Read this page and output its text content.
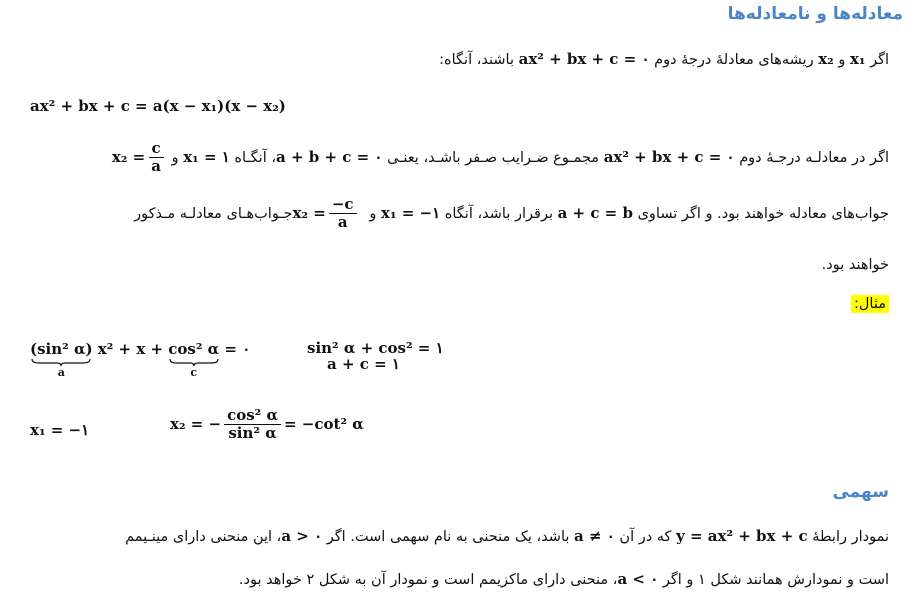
معادله‌ها و نامعادله‌ها
اگر x₁ و x₂ ریشه‌های معادلهٔ درجهٔ دوم ax² + bx + c = ٠ باشند، آنگاه:
ax² + bx + c = a(x − x₁)(x − x₂)
اگر در معادلـه درجـهٔ دوم ax² + bx + c = ٠ مجمـوع ضـرایب صـفر باشـد، یعنـی a + b + c = ٠، آنگـاه x₁ = ١ و $x_2 = \frac{c}{a}$
جواب‌های معادله خواهند بود. و اگر تساوی a + c = b برقرار باشد، آنگاه x₁ = −١ و $x_2 = \frac{-c}{a}$
جـواب‌هـای معادلـه مـذکور
خواهند بود.
مثال:
(sin² α)
a
x² + x + cos² α
c
= ٠	sin² α + cos² = ١
a + c = ١
x₁ = −١	x₂ = − $\frac{\text{cos² α}}{\text{sin² α}} = -\cot^2$ α
سهمی
نمودار رابطهٔ y = ax² + bx + c که در آن a ≠ ٠ باشد، یک منحنی به نام سهمی است. اگر a > ٠، این منحنی دارای مینـیمم
است و نمودارش همانند شکل ١ و اگر a < ٠، منحنی دارای ماکزیمم است و نمودار آن به شکل ٢ خواهد بود.
